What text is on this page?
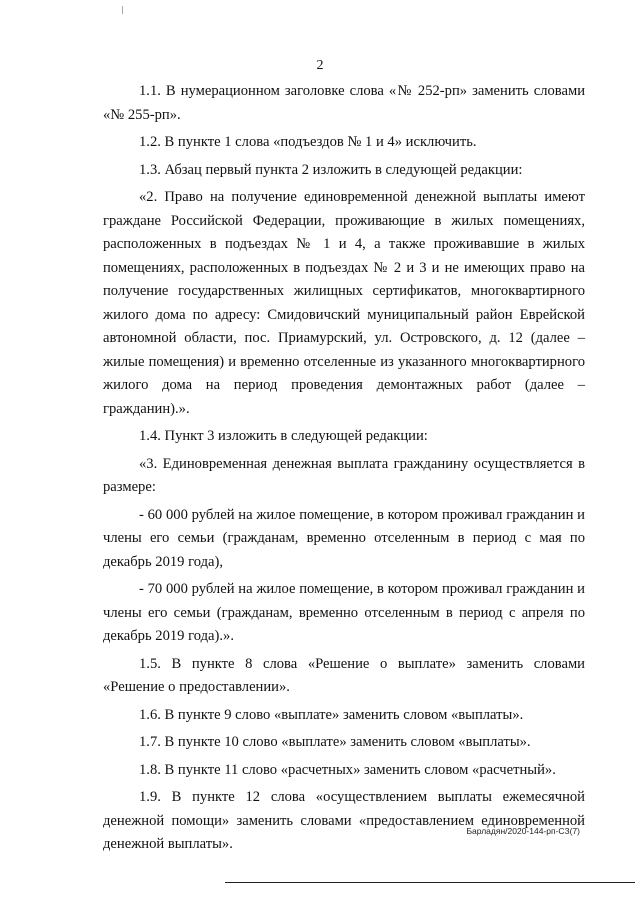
2

1.1. В нумерационном заголовке слова «№ 252-рп» заменить словами «№ 255-рп».

1.2. В пункте 1 слова «подъездов № 1 и 4» исключить.

1.3. Абзац первый пункта 2 изложить в следующей редакции:

«2. Право на получение единовременной денежной выплаты имеют граждане Российской Федерации, проживающие в жилых помещениях, расположенных в подъездах № 1 и 4, а также проживавшие в жилых помещениях, расположенных в подъездах № 2 и 3 и не имеющих право на получение государственных жилищных сертификатов, многоквартирного жилого дома по адресу: Смидовичский муниципальный район Еврейской автономной области, пос. Приамурский, ул. Островского, д. 12 (далее – жилые помещения) и временно отселенные из указанного многоквартирного жилого дома на период проведения демонтажных работ (далее – гражданин).».

1.4. Пункт 3 изложить в следующей редакции:

«3. Единовременная денежная выплата гражданину осуществляется в размере:

- 60 000 рублей на жилое помещение, в котором проживал гражданин и члены его семьи (гражданам, временно отселенным в период с мая по декабрь 2019 года),

- 70 000 рублей на жилое помещение, в котором проживал гражданин и члены его семьи (гражданам, временно отселенным в период с апреля по декабрь 2019 года).».

1.5. В пункте 8 слова «Решение о выплате» заменить словами «Решение о предоставлении».

1.6. В пункте 9 слово «выплате» заменить словом «выплаты».

1.7. В пункте 10 слово «выплате» заменить словом «выплаты».

1.8. В пункте 11 слово «расчетных» заменить словом «расчетный».

1.9. В пункте 12 слова «осуществлением выплаты ежемесячной денежной помощи» заменить словами «предоставлением единовременной денежной выплаты».

Барладян/2020-144-рп-СЗ(7)
